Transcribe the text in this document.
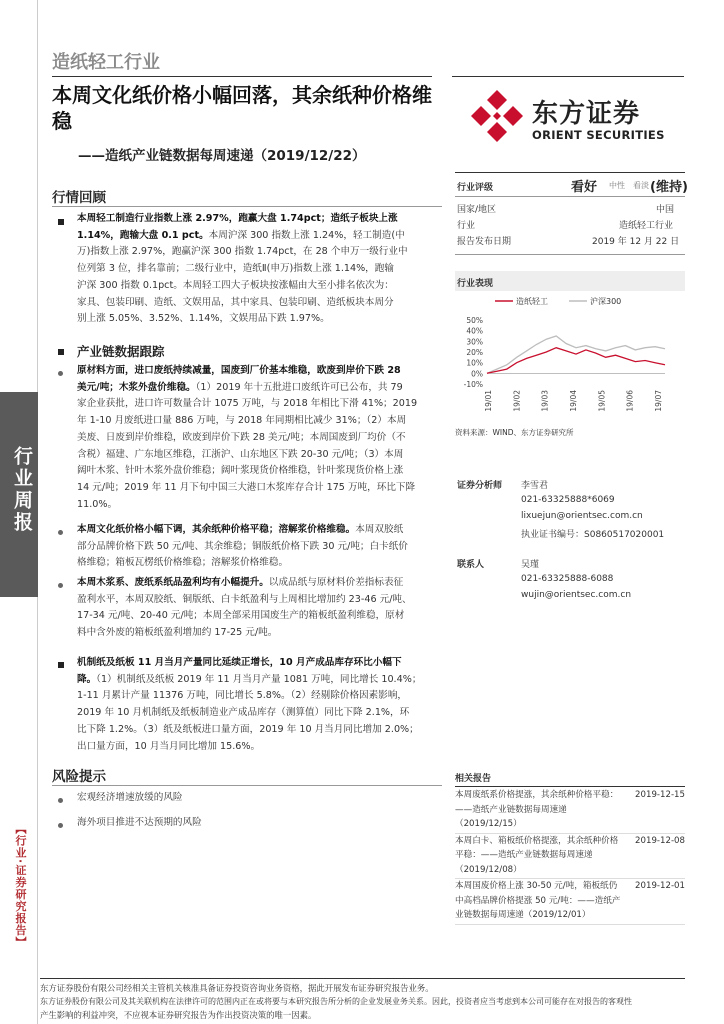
行业周报
【行业·证券研究报告】
造纸轻工行业
本周文化纸价格小幅回落，其余纸种价格维稳
——造纸产业链数据每周速递（2019/12/22）
东方证券
ORIENT SECURITIES
行情回顾
本周轻工制造行业指数上涨 2.97%，跑赢大盘 1.74pct；造纸子板块上涨
1.14%，跑输大盘 0.1 pct。本周沪深 300 指数上涨 1.24%，轻工制造(中
万)指数上涨 2.97%，跑赢沪深 300 指数 1.74pct，在 28 个申万一级行业中
位列第 3 位，排名靠前；二级行业中，造纸Ⅱ(申万)指数上涨 1.14%，跑输
沪深 300 指数 0.1pct。本周轻工四大子板块按涨幅由大至小排名依次为：
家具、包装印刷、造纸、文娱用品，其中家具、包装印刷、造纸板块本周分
别上涨 5.05%、3.52%、1.14%，文娱用品下跌 1.97%。
产业链数据跟踪
原材料方面，进口废纸持续减量，国废到厂价基本维稳，欧废到岸价下跌 28
美元/吨；木浆外盘价维稳。（1）2019 年十五批进口废纸许可已公布，共 79
家企业获批，进口许可数量合计 1075 万吨，与 2018 年相比下滑 41%；2019
年 1-10 月废纸进口量 886 万吨，与 2018 年同期相比减少 31%；（2）本周
美废、日废到岸价维稳，欧废到岸价下跌 28 美元/吨；本周国废到厂均价（不
含税）福建、广东地区维稳，江浙沪、山东地区下跌 20-30 元/吨；（3）本周
阔叶木浆、针叶木浆外盘价维稳；阔叶浆现货价格维稳，针叶浆现货价格上涨
14 元/吨；2019 年 11 月下旬中国三大港口木浆库存合计 175 万吨，环比下降
11.0%。
本周文化纸价格小幅下调，其余纸种价格平稳；溶解浆价格维稳。本周双胶纸
部分品牌价格下跌 50 元/吨、其余维稳；铜版纸价格下跌 30 元/吨；白卡纸价
格维稳；箱板瓦楞纸价格维稳；溶解浆价格维稳。
本周木浆系、废纸系纸品盈利均有小幅提升。以成品纸与原材料价差指标表征
盈利水平，本周双胶纸、铜版纸、白卡纸盈利与上周相比增加约 23-46 元/吨、
17-34 元/吨、20-40 元/吨；本周全部采用国废生产的箱板纸盈利维稳，原材
料中含外废的箱板纸盈利增加约 17-25 元/吨。
机制纸及纸板 11 月当月产量同比延续正增长，10 月产成品库存环比小幅下
降。（1）机制纸及纸板 2019 年 11 月当月产量 1081 万吨，同比增长 10.4%；
1-11 月累计产量 11376 万吨，同比增长 5.8%。（2）经剔除价格因素影响，
2019 年 10 月机制纸及纸板制造业产成品库存（测算值）同比下降 2.1%，环
比下降 1.2%。（3）纸及纸板进口量方面，2019 年 10 月当月同比增加 2.0%；
出口量方面，10 月当月同比增加 15.6%。
风险提示
宏观经济增速放缓的风险
海外项目推进不达预期的风险
行业评级	看好 中性 看淡 (维持)
国家/地区	中国
行业	造纸轻工行业
报告发布日期	2019 年 12 月 22 日
行业表现
-10%
0%
10%
20%
30%
40%
50%
19/01	19/02	19/03	19/04	19/05	19/06	19/07
造纸轻工	沪深300
资料来源：WIND、东方证券研究所
证券分析师 李雪君
021-63325888*6069
lixuejun@orientsec.com.cn
执业证书编号：S0860517020001
联系人	吴瑾
021-63325888-6088
wujin@orientsec.com.cn
相关报告
本周废纸系价格提涨，其余纸种价格平稳：
——造纸产业链数据每周速递
（2019/12/15）
2019-12-15
本周白卡、箱板纸价格提涨，其余纸种价格
平稳：——造纸产业链数据每周速递
（2019/12/08）
2019-12-08
本周国废价格上涨 30-50 元/吨，箱板纸仍
中高档品牌价格提涨 50 元/吨：——造纸产
业链数据每周速递（2019/12/01）
2019-12-01
东方证券股份有限公司经相关主管机关核准具备证券投资咨询业务资格，据此开展发布证券研究报告业务。
东方证券股份有限公司及其关联机构在法律许可的范围内正在或将要与本研究报告所分析的企业发展业务关系。因此，投资者应当考虑到本公司可能存在对报告的客观性
产生影响的利益冲突，不应视本证券研究报告为作出投资决策的唯一因素。
